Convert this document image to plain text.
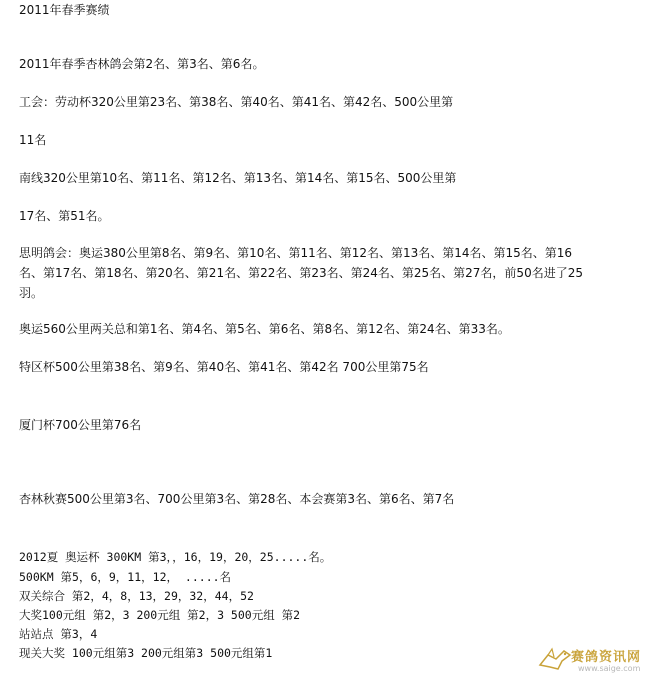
2011年春季赛绩
2011年春季杏林鸽会第2名、第3名、第6名。
工会：劳动杯320公里第23名、第38名、第40名、第41名、第42名、500公里第
11名
南线320公里第10名、第11名、第12名、第13名、第14名、第15名、500公里第
17名、第51名。
思明鸽会：奥运380公里第8名、第9名、第10名、第11名、第12名、第13名、第14名、第15名、第16
名、第17名、第18名、第20名、第21名、第22名、第23名、第24名、第25名、第27名，前50名进了25
羽。
奥运560公里两关总和第1名、第4名、第5名、第6名、第8名、第12名、第24名、第33名。
特区杯500公里第38名、第9名、第40名、第41名、第42名 700公里第75名
厦门杯700公里第76名
杏林秋赛500公里第3名、700公里第3名、第28名、本会赛第3名、第6名、第7名
2012夏 奥运杯 300KM 第3，，16，19，20，25.....名。
500KM 第5，6，9，11，12， .....名
双关综合 第2，4，8，13，29，32，44，52
大奖100元组 第2，3 200元组 第2，3 500元组 第2
站站点 第3，4
现关大奖 100元组第3 200元组第3 500元组第1	赛鸽资讯网
www.saige.com
